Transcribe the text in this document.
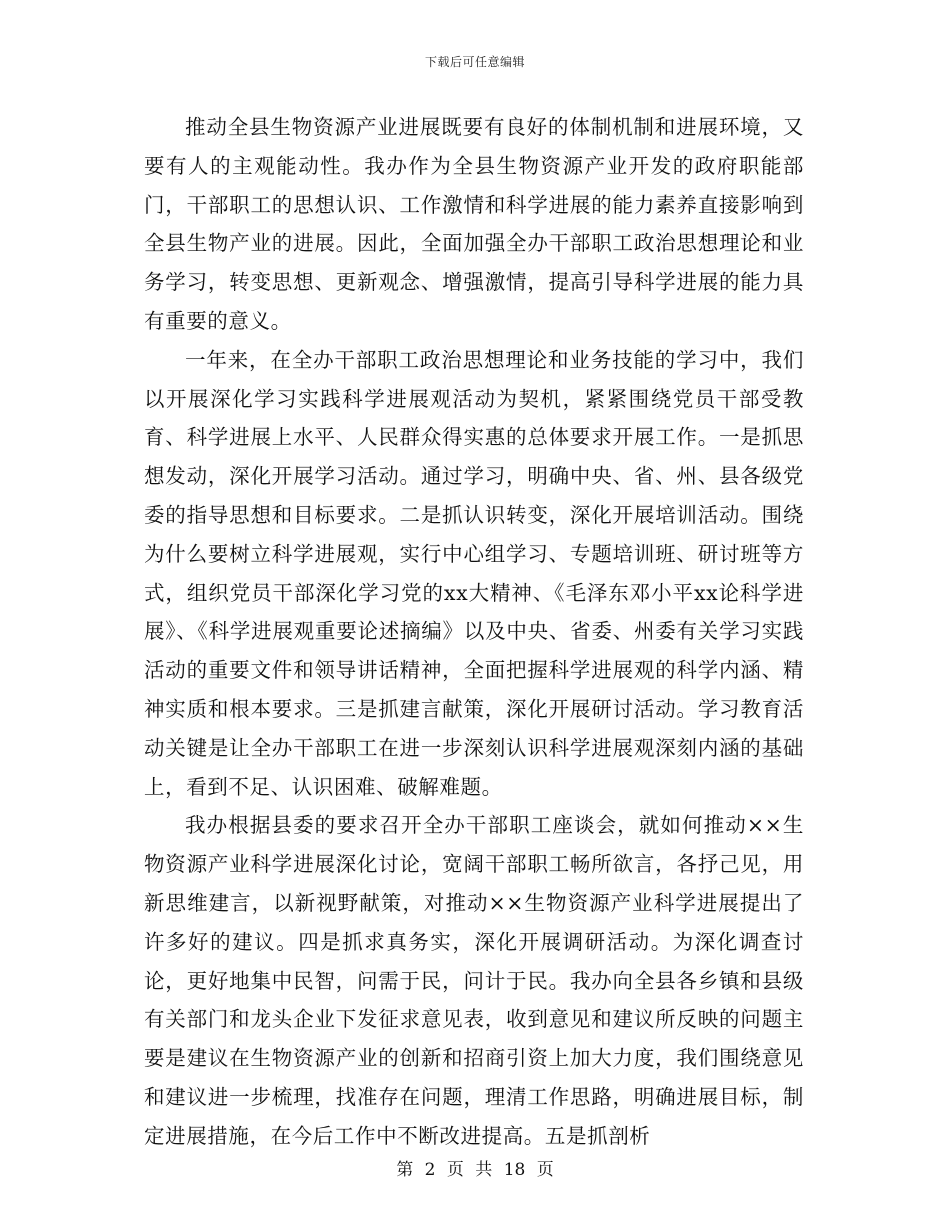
下载后可任意编辑

推动全县生物资源产业进展既要有良好的体制机制和进展环境，又要有人的主观能动性。我办作为全县生物资源产业开发的政府职能部门，干部职工的思想认识、工作激情和科学进展的能力素养直接影响到全县生物产业的进展。因此，全面加强全办干部职工政治思想理论和业务学习，转变思想、更新观念、增强激情，提高引导科学进展的能力具有重要的意义。

一年来，在全办干部职工政治思想理论和业务技能的学习中，我们以开展深化学习实践科学进展观活动为契机，紧紧围绕党员干部受教育、科学进展上水平、人民群众得实惠的总体要求开展工作。一是抓思想发动，深化开展学习活动。通过学习，明确中央、省、州、县各级党委的指导思想和目标要求。二是抓认识转变，深化开展培训活动。围绕为什么要树立科学进展观，实行中心组学习、专题培训班、研讨班等方式，组织党员干部深化学习党的xx大精神、《毛泽东邓小平xx论科学进展》、《科学进展观重要论述摘编》以及中央、省委、州委有关学习实践活动的重要文件和领导讲话精神，全面把握科学进展观的科学内涵、精神实质和根本要求。三是抓建言献策，深化开展研讨活动。学习教育活动关键是让全办干部职工在进一步深刻认识科学进展观深刻内涵的基础上，看到不足、认识困难、破解难题。

我办根据县委的要求召开全办干部职工座谈会，就如何推动××生物资源产业科学进展深化讨论，宽阔干部职工畅所欲言，各抒己见，用新思维建言，以新视野献策，对推动××生物资源产业科学进展提出了许多好的建议。四是抓求真务实，深化开展调研活动。为深化调查讨论，更好地集中民智，问需于民，问计于民。我办向全县各乡镇和县级有关部门和龙头企业下发征求意见表，收到意见和建议所反映的问题主要是建议在生物资源产业的创新和招商引资上加大力度，我们围绕意见和建议进一步梳理，找准存在问题，理清工作思路，明确进展目标，制定进展措施，在今后工作中不断改进提高。五是抓剖析

第 2 页 共 18 页
